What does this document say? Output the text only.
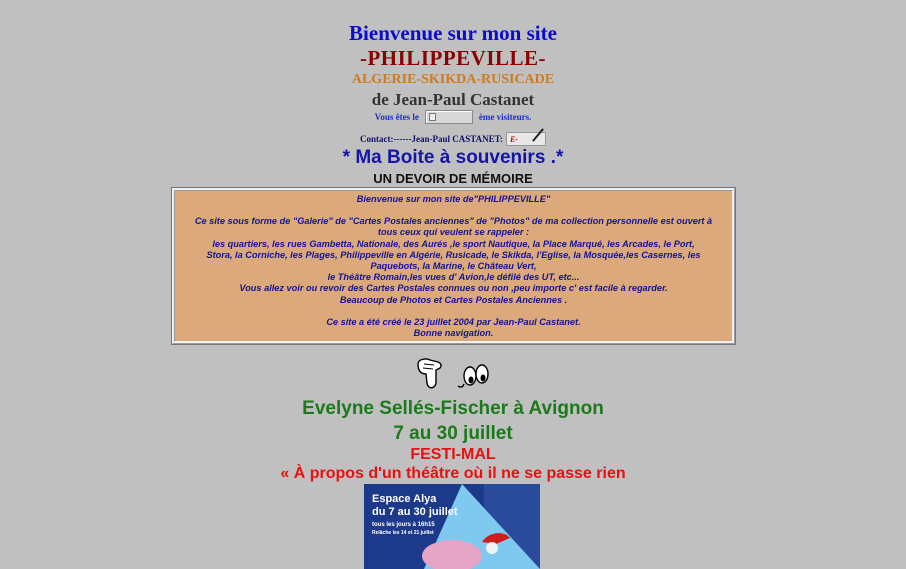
Bienvenue sur mon site
-PHILIPPEVILLE-
ALGERIE-SKIKDA-RUSICADE
de Jean-Paul Castanet
Vous êtes le	ème visiteurs.
Contact:------Jean-Paul CASTANET: E-
* Ma Boite à souvenirs .*
UN DEVOIR DE MÉMOIRE

Bienvenue sur mon site de"PHILIPPEVILLE"

Ce site sous forme de "Galerie" de "Cartes Postales anciennes" de "Photos" de ma collection personnelle est ouvert à

tous ceux qui veulent se rappeler :

les quartiers, les rues Gambetta, Nationale, des Aurés ,le sport Nautique, la Place Marqué, les Arcades, le Port,

Stora, la Corniche, les Plages, Philippeville en Algérie, Rusicade, le Skikda, l'Eglise, la Mosquée,les Casernes, les

Paquebots, la Marine, le Château Vert,

le Théâtre Romain,les vues d' Avion,le défilé des UT, etc...

Vous allez voir ou revoir des Cartes Postales connues ou non ,peu importe c' est facile à regarder.

Beaucoup de Photos et Cartes Postales Anciennes .

Ce site a été créé le 23 juillet 2004 par Jean-Paul Castanet.

Bonne navigation.

Evelyne Sellés-Fischer à Avignon
7 au 30 juillet
FESTI-MAL
« À propos d'un théâtre où il ne se passe rien
Espace Alya
du 7 au 30 juillet
tous les jours à 16h15
Relâche les 14 et 21 juillet
